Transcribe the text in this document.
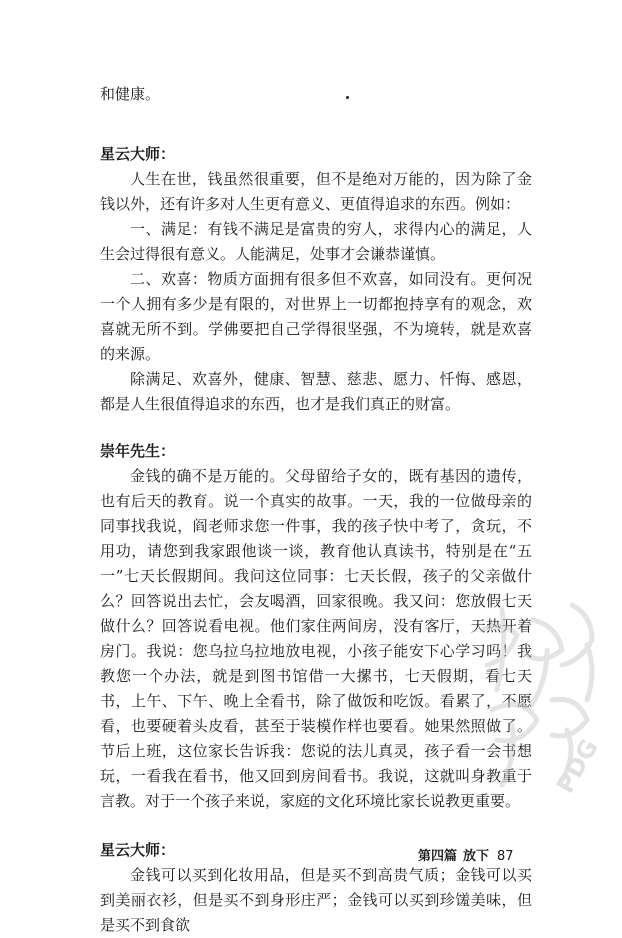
和健康。

星云大师：

人生在世，钱虽然很重要，但不是绝对万能的，因为除了金钱以外，还有许多对人生更有意义、更值得追求的东西。例如：

一、满足：有钱不满足是富贵的穷人，求得内心的满足，人生会过得很有意义。人能满足，处事才会谦恭谨慎。

二、欢喜：物质方面拥有很多但不欢喜，如同没有。更何况一个人拥有多少是有限的，对世界上一切都抱持享有的观念，欢喜就无所不到。学佛要把自己学得很坚强，不为境转，就是欢喜的来源。

除满足、欢喜外，健康、智慧、慈悲、愿力、忏悔、感恩，都是人生很值得追求的东西，也才是我们真正的财富。

崇年先生：

金钱的确不是万能的。父母留给子女的，既有基因的遗传，也有后天的教育。说一个真实的故事。一天，我的一位做母亲的同事找我说，阎老师求您一件事，我的孩子快中考了，贪玩，不用功，请您到我家跟他谈一谈，教育他认真读书，特别是在“五一”七天长假期间。我问这位同事：七天长假，孩子的父亲做什么？回答说出去忙，会友喝酒，回家很晚。我又问：您放假七天做什么？回答说看电视。他们家住两间房，没有客厅，天热开着房门。我说：您乌拉乌拉地放电视，小孩子能安下心学习吗！我教您一个办法，就是到图书馆借一大摞书，七天假期，看七天书，上午、下午、晚上全看书，除了做饭和吃饭。看累了，不愿看，也要硬着头皮看，甚至于装模作样也要看。她果然照做了。节后上班，这位家长告诉我：您说的法儿真灵，孩子看一会书想玩，一看我在看书，他又回到房间看书。我说，这就叫身教重于言教。对于一个孩子来说，家庭的文化环境比家长说教更重要。

星云大师：

金钱可以买到化妆用品，但是买不到高贵气质；金钱可以买到美丽衣衫，但是买不到身形庄严；金钱可以买到珍馐美味，但是买不到食欲

第四篇 放下 87
PDG
